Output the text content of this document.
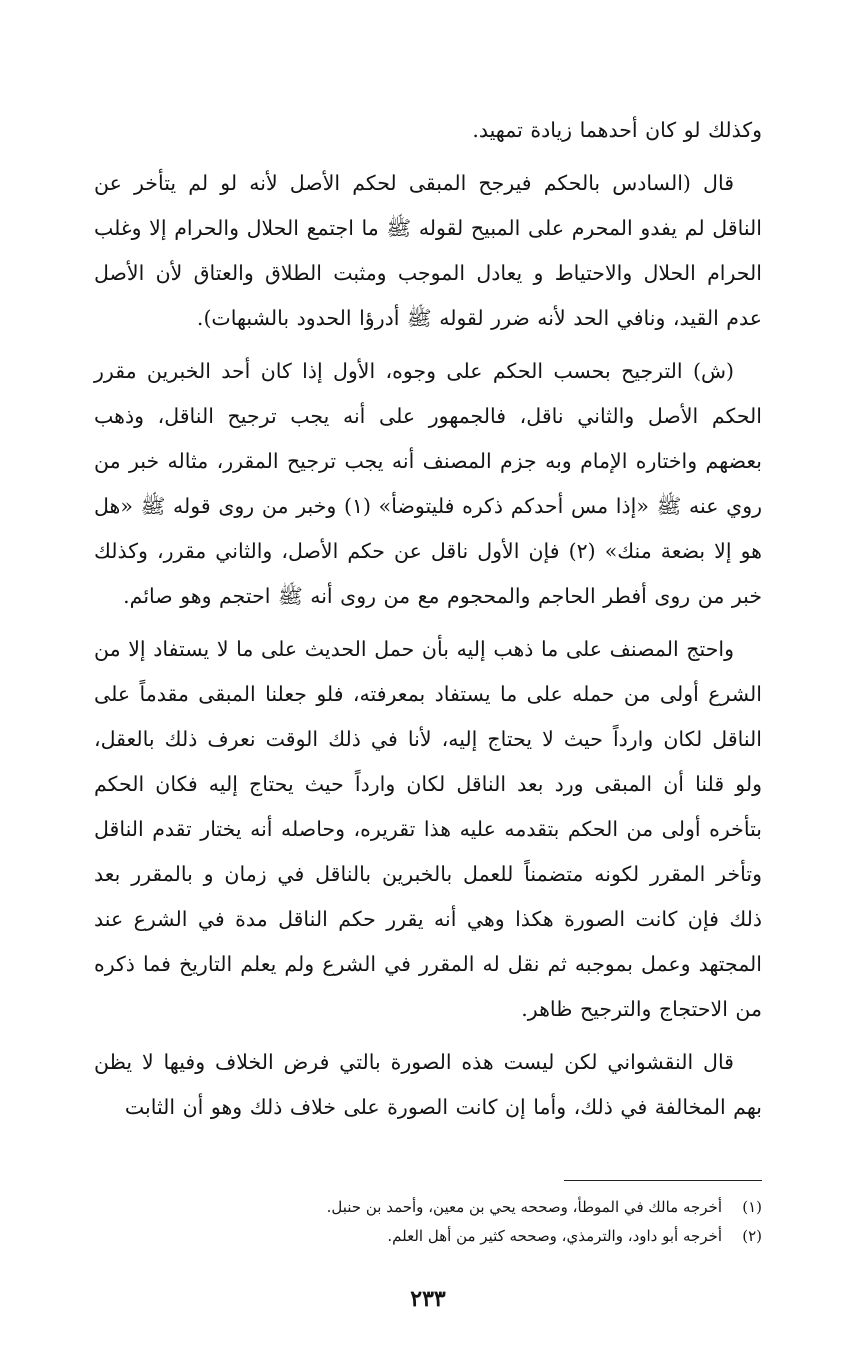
وكذلك لو كان أحدهما زيادة تمهيد.

قال (السادس بالحكم فيرجح المبقى لحكم الأصل لأنه لو لم يتأخر عن الناقل لم يفدو المحرم على المبيح لقوله ﷺ ما اجتمع الحلال والحرام إلا وغلب الحرام الحلال والاحتياط و يعادل الموجب ومثبت الطلاق والعتاق لأن الأصل عدم القيد، ونافي الحد لأنه ضرر لقوله ﷺ أدرؤا الحدود بالشبهات).

(ش) الترجيح بحسب الحكم على وجوه، الأول إذا كان أحد الخبرين مقرر الحكم الأصل والثاني ناقل، فالجمهور على أنه يجب ترجيح الناقل، وذهب بعضهم واختاره الإمام وبه جزم المصنف أنه يجب ترجيح المقرر، مثاله خبر من روي عنه ﷺ «إذا مس أحدكم ذكره فليتوضأ» (١) وخبر من روى قوله ﷺ «هل هو إلا بضعة منك» (٢) فإن الأول ناقل عن حكم الأصل، والثاني مقرر، وكذلك خبر من روى أفطر الحاجم والمحجوم مع من روى أنه ﷺ احتجم وهو صائم.

واحتج المصنف على ما ذهب إليه بأن حمل الحديث على ما لا يستفاد إلا من الشرع أولى من حمله على ما يستفاد بمعرفته، فلو جعلنا المبقى مقدماً على الناقل لكان وارداً حيث لا يحتاج إليه، لأنا في ذلك الوقت نعرف ذلك بالعقل، ولو قلنا أن المبقى ورد بعد الناقل لكان وارداً حيث يحتاج إليه فكان الحكم بتأخره أولى من الحكم بتقدمه عليه هذا تقريره، وحاصله أنه يختار تقدم الناقل وتأخر المقرر لكونه متضمناً للعمل بالخبرين بالناقل في زمان و بالمقرر بعد ذلك فإن كانت الصورة هكذا وهي أنه يقرر حكم الناقل مدة في الشرع عند المجتهد وعمل بموجبه ثم نقل له المقرر في الشرع ولم يعلم التاريخ فما ذكره من الاحتجاج والترجيح ظاهر.

قال النقشواني لكن ليست هذه الصورة بالتي فرض الخلاف وفيها لا يظن بهم المخالفة في ذلك، وأما إن كانت الصورة على خلاف ذلك وهو أن الثابت

(١)
أخرجه مالك في الموطأ، وصححه يحي بن معين، وأحمد بن حنبل.
(٢)
أخرجه أبو داود، والترمذي، وصححه كثير من أهل العلم.
٢٣٣
